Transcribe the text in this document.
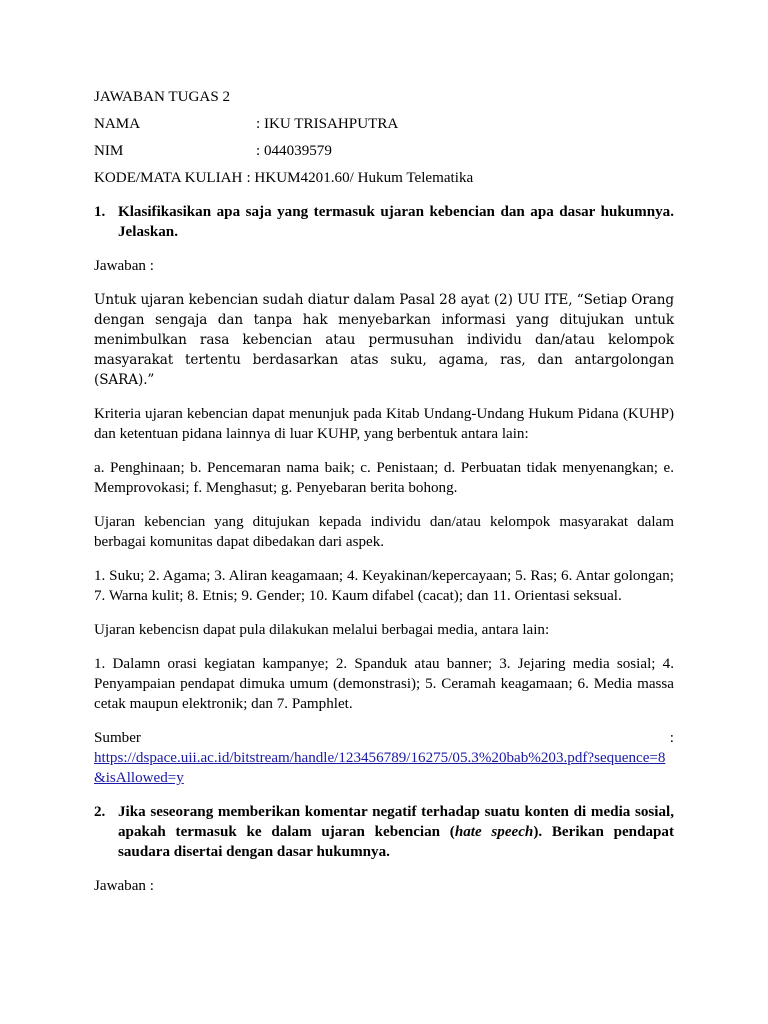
JAWABAN TUGAS 2
NAMA	: IKU TRISAHPUTRA
NIM	: 044039579
KODE/MATA KULIAH : HKUM4201.60/ Hukum Telematika
1. Klasifikasikan apa saja yang termasuk ujaran kebencian dan apa dasar hukumnya. Jelaskan.

Jawaban :

Untuk ujaran kebencian sudah diatur dalam Pasal 28 ayat (2) UU ITE, “Setiap Orang dengan sengaja dan tanpa hak menyebarkan informasi yang ditujukan untuk menimbulkan rasa kebencian atau permusuhan individu dan/atau kelompok masyarakat tertentu berdasarkan atas suku, agama, ras, dan antargolongan (SARA).”

Kriteria ujaran kebencian dapat menunjuk pada Kitab Undang-Undang Hukum Pidana (KUHP) dan ketentuan pidana lainnya di luar KUHP, yang berbentuk antara lain:

a. Penghinaan; b. Pencemaran nama baik; c. Penistaan; d. Perbuatan tidak menyenangkan; e. Memprovokasi; f. Menghasut; g. Penyebaran berita bohong.

Ujaran kebencian yang ditujukan kepada individu dan/atau kelompok masyarakat dalam berbagai komunitas dapat dibedakan dari aspek.

1. Suku; 2. Agama; 3. Aliran keagamaan; 4. Keyakinan/kepercayaan; 5. Ras; 6. Antar golongan; 7. Warna kulit; 8. Etnis; 9. Gender; 10. Kaum difabel (cacat); dan 11. Orientasi seksual.

Ujaran kebencisn dapat pula dilakukan melalui berbagai media, antara lain:

1. Dalamn orasi kegiatan kampanye; 2. Spanduk atau banner; 3. Jejaring media sosial; 4. Penyampaian pendapat dimuka umum (demonstrasi); 5. Ceramah keagamaan; 6. Media massa cetak maupun elektronik; dan 7. Pamphlet.

Sumber	:
https://dspace.uii.ac.id/bitstream/handle/123456789/16275/05.3%20bab%203.pdf?sequence=8&isAllowed=y
2. Jika seseorang memberikan komentar negatif terhadap suatu konten di media sosial, apakah termasuk ke dalam ujaran kebencian (hate speech). Berikan pendapat saudara disertai dengan dasar hukumnya.

Jawaban :
